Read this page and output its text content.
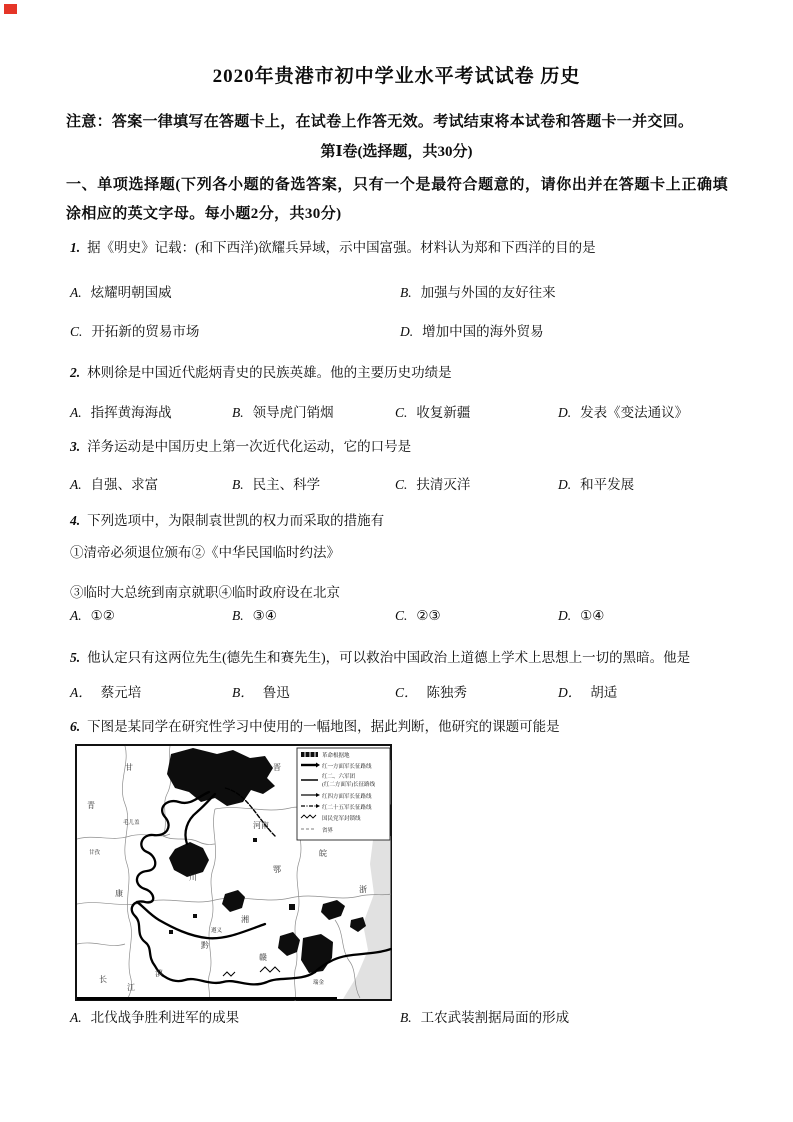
2020年贵港市初中学业水平考试试卷 历史
注意：答案一律填写在答题卡上，在试卷上作答无效。考试结束将本试卷和答题卡一并交回。
第Ⅰ卷(选择题，共30分)
一、单项选择题(下列各小题的备选答案，只有一个是最符合题意的，请你出并在答题卡上正确填涂相应的英文字母。每小题2分，共30分)
1. 据《明史》记载：(和下西洋)欲耀兵异域，示中国富强。材料认为郑和下西洋的目的是
A. 炫耀明朝国威	B. 加强与外国的友好往来
C. 开拓新的贸易市场	D. 增加中国的海外贸易
2. 林则徐是中国近代彪炳青史的民族英雄。他的主要历史功绩是
A. 指挥黄海海战	B. 领导虎门销烟	C. 收复新疆	D. 发表《变法通议》
3. 洋务运动是中国历史上第一次近代化运动，它的口号是
A. 自强、求富	B. 民主、科学	C. 扶清灭洋	D. 和平发展
4. 下列选项中，为限制袁世凯的权力而采取的措施有
①清帝必须退位颁布②《中华民国临时约法》
③临时大总统到南京就职④临时政府设在北京
A. ①②	B. ③④	C. ②③	D. ①④
5. 他认定只有这两位先生(德先生和赛先生)，可以救治中国政治上道德上学术上思想上一切的黑暗。他是
A． 蔡元培	B． 鲁迅	C． 陈独秀	D． 胡适
6. 下图是某同学在研究性学习中使用的一幅地图，据此判断，他研究的课题可能是
青
甘	晋
河南
皖
浙
赣
湘
黔
滇
川
康
甘孜
毛儿盖
遵义
瑞金
长
江
鄂
革命根据地
红一方面军长征路线
红二、六军团
(红二方面军)长征路线
红四方面军长征路线
红二十五军长征路线
国民党军封锁线
省界
A. 北伐战争胜利进军的成果	B. 工农武装割据局面的形成
